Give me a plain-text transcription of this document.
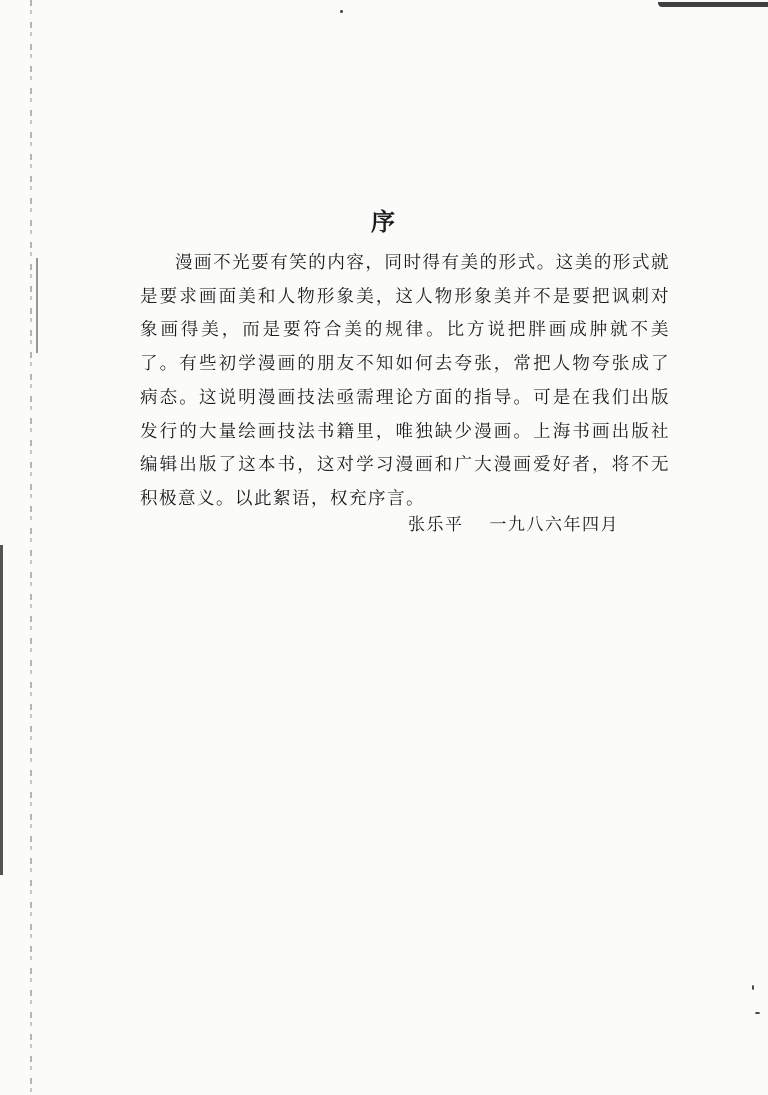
序

漫画不光要有笑的内容，同时得有美的形式。这美的形式就是要求画面美和人物形象美，这人物形象美并不是要把讽刺对象画得美，而是要符合美的规律。比方说把胖画成肿就不美了。有些初学漫画的朋友不知如何去夸张，常把人物夸张成了病态。这说明漫画技法亟需理论方面的指导。可是在我们出版发行的大量绘画技法书籍里，唯独缺少漫画。上海书画出版社编辑出版了这本书，这对学习漫画和广大漫画爱好者，将不无积极意义。以此絮语，权充序言。

张乐平 一九八六年四月
